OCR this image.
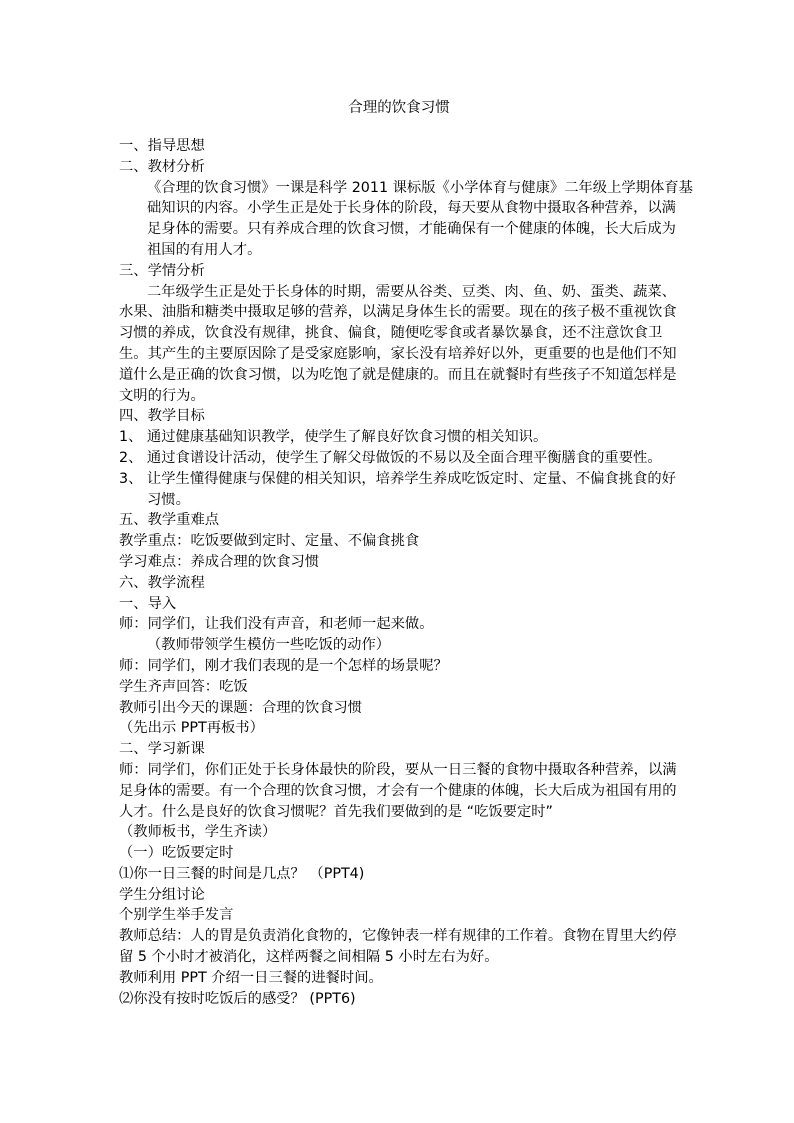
合理的饮食习惯
一、指导思想
二、教材分析
《合理的饮食习惯》一课是科学 2011 课标版《小学体育与健康》二年级上学期体育基
础知识的内容。小学生正是处于长身体的阶段，每天要从食物中摄取各种营养，以满
足身体的需要。只有养成合理的饮食习惯，才能确保有一个健康的体魄，长大后成为
祖国的有用人才。
三、学情分析
二年级学生正是处于长身体的时期，需要从谷类、豆类、肉、鱼、奶、蛋类、蔬菜、
水果、油脂和糖类中摄取足够的营养，以满足身体生长的需要。现在的孩子极不重视饮食
习惯的养成，饮食没有规律，挑食、偏食，随便吃零食或者暴饮暴食，还不注意饮食卫
生。其产生的主要原因除了是受家庭影响，家长没有培养好以外，更重要的也是他们不知
道什么是正确的饮食习惯，以为吃饱了就是健康的。而且在就餐时有些孩子不知道怎样是
文明的行为。
四、教学目标
1、 通过健康基础知识教学，使学生了解良好饮食习惯的相关知识。
2、 通过食谱设计活动，使学生了解父母做饭的不易以及全面合理平衡膳食的重要性。
3、 让学生懂得健康与保健的相关知识，培养学生养成吃饭定时、定量、不偏食挑食的好
习惯。
五、教学重难点
教学重点：吃饭要做到定时、定量、不偏食挑食
学习难点：养成合理的饮食习惯
六、教学流程
一、导入
师：同学们，让我们没有声音，和老师一起来做。
（教师带领学生模仿一些吃饭的动作）
师：同学们，刚才我们表现的是一个怎样的场景呢？
学生齐声回答：吃饭
教师引出今天的课题：合理的饮食习惯
（先出示 PPT再板书）
二、学习新课
师：同学们，你们正处于长身体最快的阶段，要从一日三餐的食物中摄取各种营养，以满
足身体的需要。有一个合理的饮食习惯，才会有一个健康的体魄，长大后成为祖国有用的
人才。什么是良好的饮食习惯呢？首先我们要做到的是 “吃饭要定时”
（教师板书，学生齐读）
（一）吃饭要定时
⑴你一日三餐的时间是几点？ （PPT4)
学生分组讨论
个别学生举手发言
教师总结：人的胃是负责消化食物的，它像钟表一样有规律的工作着。食物在胃里大约停
留 5 个小时才被消化，这样两餐之间相隔 5 小时左右为好。
教师利用 PPT 介绍一日三餐的进餐时间。
⑵你没有按时吃饭后的感受？ (PPT6)
